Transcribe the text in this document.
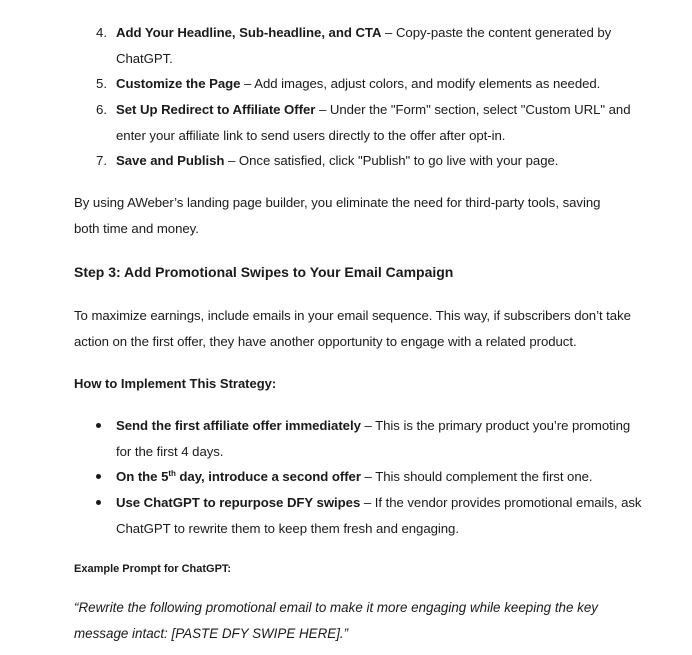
4. Add Your Headline, Sub-headline, and CTA – Copy-paste the content generated by
ChatGPT.
5. Customize the Page – Add images, adjust colors, and modify elements as needed.
6. Set Up Redirect to Affiliate Offer – Under the "Form" section, select "Custom URL" and
enter your affiliate link to send users directly to the offer after opt-in.
7. Save and Publish – Once satisfied, click "Publish" to go live with your page.
By using AWeber’s landing page builder, you eliminate the need for third-party tools, saving
both time and money.
Step 3: Add Promotional Swipes to Your Email Campaign
To maximize earnings, include emails in your email sequence. This way, if subscribers don’t take
action on the first offer, they have another opportunity to engage with a related product.
How to Implement This Strategy:
Send the first affiliate offer immediately – This is the primary product you’re promoting
for the first 4 days.
On the 5th day, introduce a second offer – This should complement the first one.
Use ChatGPT to repurpose DFY swipes – If the vendor provides promotional emails, ask
ChatGPT to rewrite them to keep them fresh and engaging.
Example Prompt for ChatGPT:
“Rewrite the following promotional email to make it more engaging while keeping the key
message intact: [PASTE DFY SWIPE HERE].”
